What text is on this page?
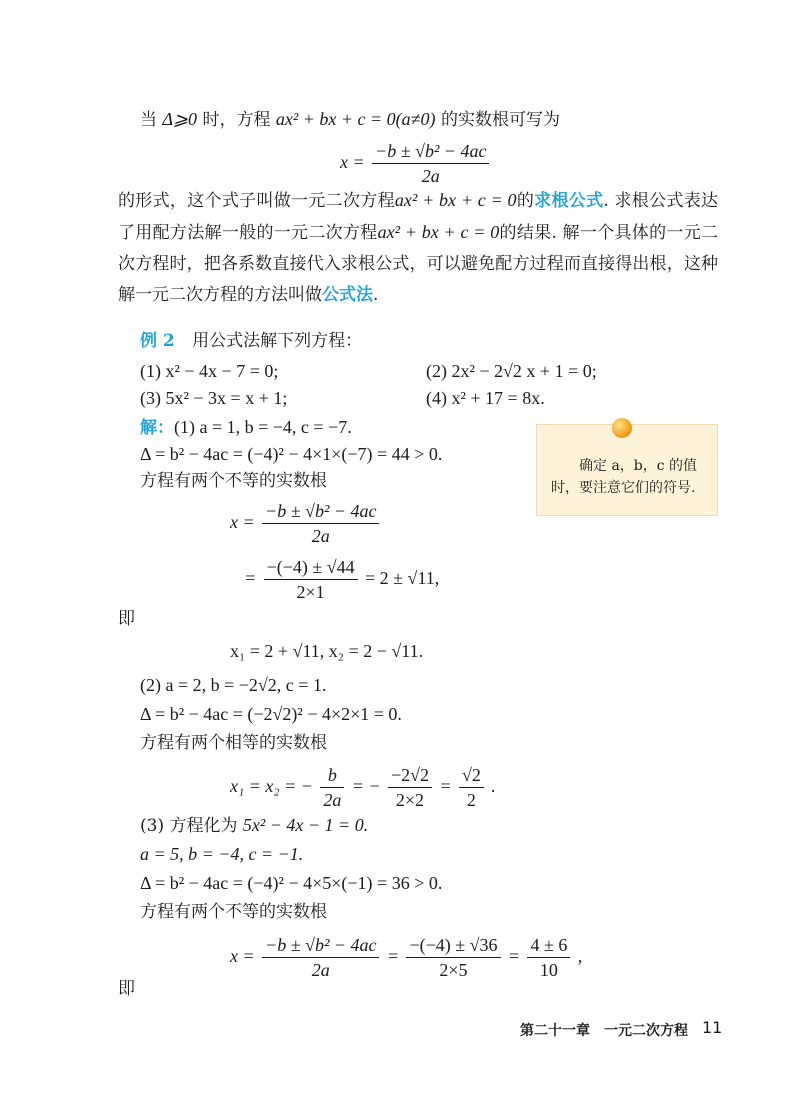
当 Δ⩾0 时，方程 ax² + bx + c = 0(a≠0) 的实数根可写为
$x = \frac{\text{−b ± √b² − 4ac}}{2a}$
的形式，这个式子叫做一元二次方程ax² + bx + c = 0的求根公式. 求根公式表达了用配方法解一般的一元二次方程ax² + bx + c = 0的结果. 解一个具体的一元二次方程时，把各系数直接代入求根公式，可以避免配方过程而直接得出根，这种解一元二次方程的方法叫做公式法.
例 2 用公式法解下列方程：
(1) x² − 4x − 7 = 0;	(2) 2x² − 2√2 x + 1 = 0;
(3) 5x² − 3x = x + 1;	(4) x² + 17 = 8x.
解：(1) a = 1, b = −4, c = −7.
Δ = b² − 4ac = (−4)² − 4×1×(−7) = 44 > 0.
方程有两个不等的实数根
$x = \frac{\text{−b ± √b² − 4ac}}{2a}$
= $\frac{-(-4) \pm √44}{2\times 1} = 2 \pm √11$,
即
x₁ = 2 + √11, x₂ = 2 − √11.
(2) a = 2, b = −2√2, c = 1.
Δ = b² − 4ac = (−2√2)² − 4×2×1 = 0.
方程有两个相等的实数根
x₁ = x₂ = − $\frac{b}{2a}$ = − $\frac{-2√2}{2\times 2} = \frac{√2}{2}$ .
(3) 方程化为 5x² − 4x − 1 = 0.
a = 5, b = −4, c = −1.
Δ = b² − 4ac = (−4)² − 4×5×(−1) = 36 > 0.
方程有两个不等的实数根
$x = \frac{\text{−b ± √b² − 4ac}}{2a} = \frac{-(-4) \pm √36}{2\times 5} = \frac{4 \pm 6}{10}$ ,
即
确定 a，b，c 的值时，要注意它们的符号.
第二十一章　一元二次方程 11
